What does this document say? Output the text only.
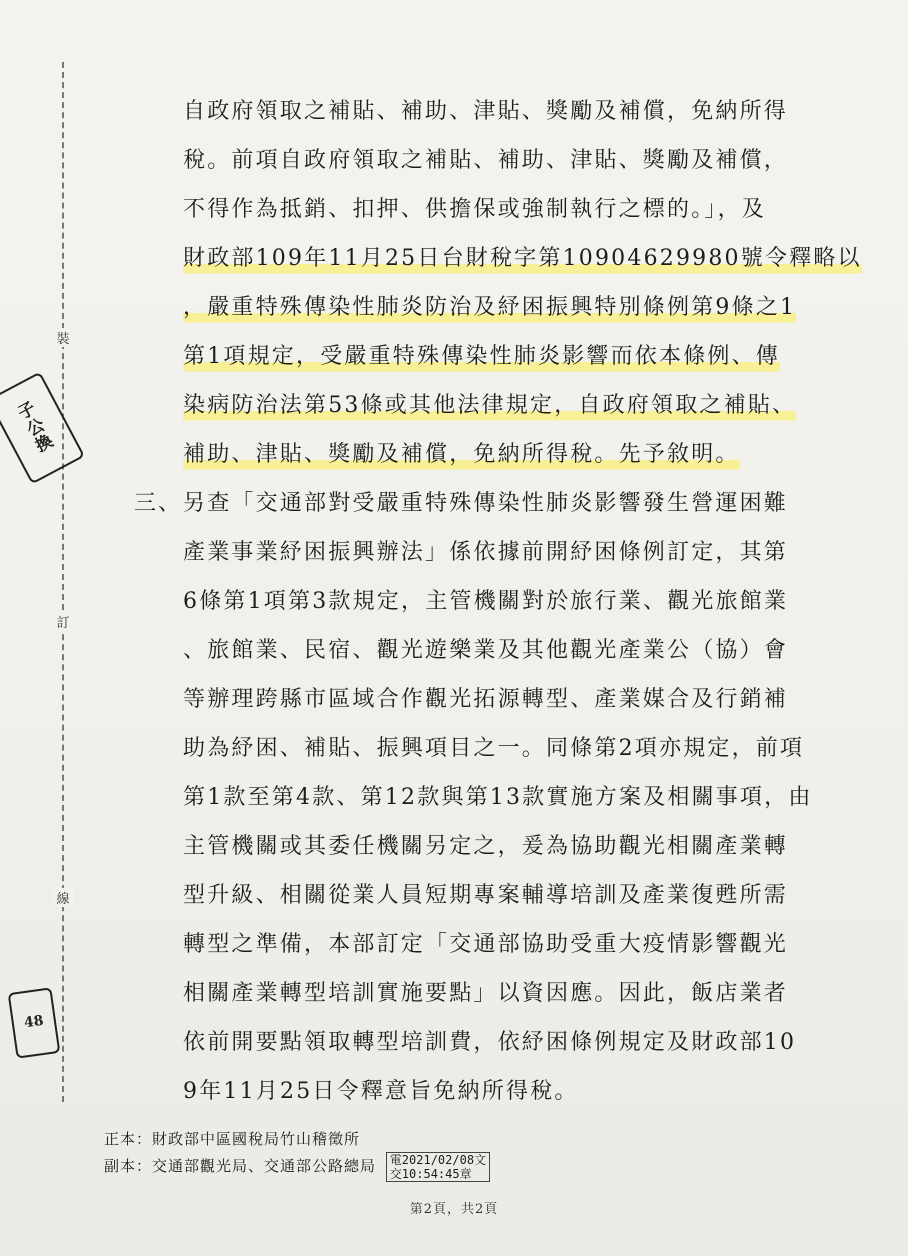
裝
訂
線
子
公
換
48
自政府領取之補貼、補助、津貼、獎勵及補償，免納所得
稅。前項自政府領取之補貼、補助、津貼、獎勵及補償，
不得作為抵銷、扣押、供擔保或強制執行之標的。」，及
財政部109年11月25日台財稅字第10904629980號令釋略以
，嚴重特殊傳染性肺炎防治及紓困振興特別條例第9條之1
第1項規定，受嚴重特殊傳染性肺炎影響而依本條例、傳
染病防治法第53條或其他法律規定，自政府領取之補貼、
補助、津貼、獎勵及補償，免納所得稅。先予敘明。
三、 另查「交通部對受嚴重特殊傳染性肺炎影響發生營運困難
產業事業紓困振興辦法」係依據前開紓困條例訂定，其第
6條第1項第3款規定，主管機關對於旅行業、觀光旅館業
、旅館業、民宿、觀光遊樂業及其他觀光產業公（協）會
等辦理跨縣市區域合作觀光拓源轉型、產業媒合及行銷補
助為紓困、補貼、振興項目之一。同條第2項亦規定，前項
第1款至第4款、第12款與第13款實施方案及相關事項，由
主管機關或其委任機關另定之，爰為協助觀光相關產業轉
型升級、相關從業人員短期專案輔導培訓及產業復甦所需
轉型之準備，本部訂定「交通部協助受重大疫情影響觀光
相關產業轉型培訓實施要點」以資因應。因此，飯店業者
依前開要點領取轉型培訓費，依紓困條例規定及財政部10
9年11月25日令釋意旨免納所得稅。
正本：財政部中區國稅局竹山稽徵所
副本：交通部觀光局、交通部公路總局 電2021/02/08文
交10:54:45章
第2頁，共2頁
